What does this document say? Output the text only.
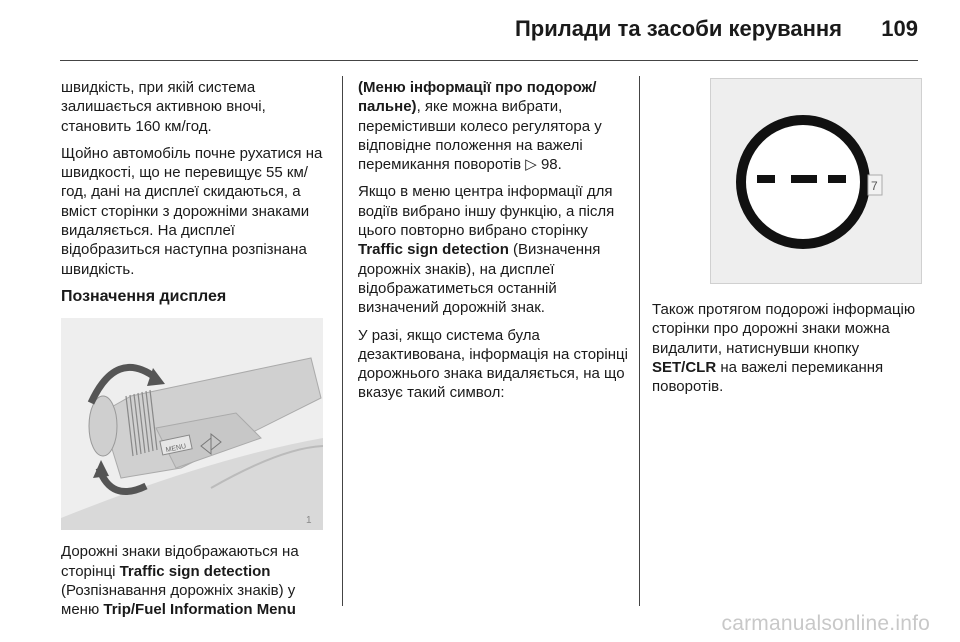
Прилади та засоби керування 109

швидкість, при якій система залишається активною вночі, становить 160 км/год.

Щойно автомобіль почне рухатися на швидкості, що не перевищує 55 км/год, дані на дисплеї скидаються, а вміст сторінки з дорожніми знаками видаляється. На дисплеї відобразиться наступна розпізнана швидкість.

Позначення дисплея
MENU
1

Дорожні знаки відображаються на сторінці Traffic sign detection (Розпізнавання дорожніх знаків) у меню Trip/Fuel Information Menu

(Меню інформації про подорож/пальне), яке можна вибрати, перемістивши колесо регулятора у відповідне положення на важелі перемикання поворотів ▷ 98.

Якщо в меню центра інформації для водіїв вибрано іншу функцію, а після цього повторно вибрано сторінку Traffic sign detection (Визначення дорожніх знаків), на дисплеї відображатиметься останній визначений дорожній знак.

У разі, якщо система була дезактивована, інформація на сторінці дорожнього знака видаляється, на що вказує такий символ:

7

Також протягом подорожі інформацію сторінки про дорожні знаки можна видалити, натиснувши кнопку SET/CLR на важелі перемикання поворотів.

carmanualsonline.info
